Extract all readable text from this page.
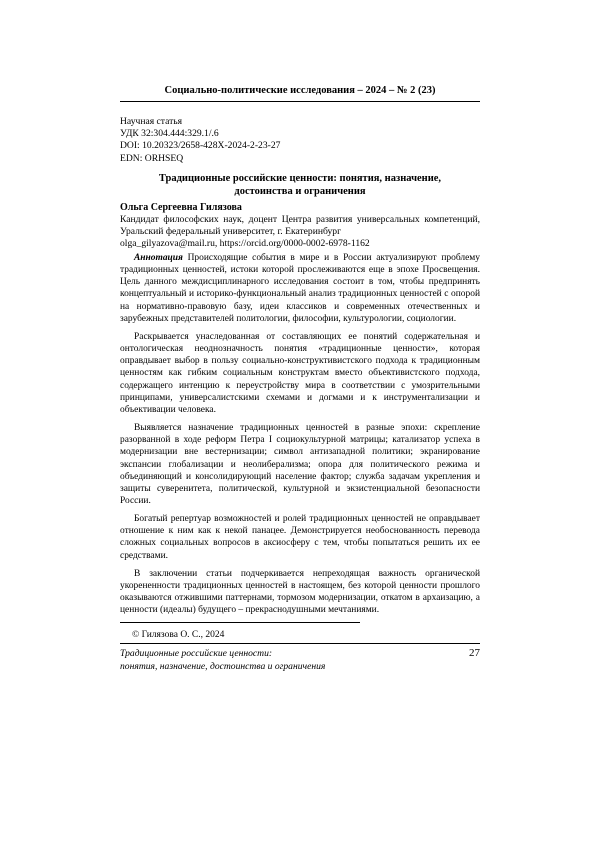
Социально-политические исследования – 2024 – № 2 (23)
Научная статья
УДК 32:304.444:329.1/.6
DOI: 10.20323/2658-428X-2024-2-23-27
EDN: ORHSEQ
Традиционные российские ценности: понятия, назначение,
достоинства и ограничения
Ольга Сергеевна Гилязова
Кандидат философских наук, доцент Центра развития универсальных компетенций, Уральский федеральный университет, г. Екатеринбург
olga_gilyazova@mail.ru, https://orcid.org/0000-0002-6978-1162

Аннотация Происходящие события в мире и в России актуализируют проблему традиционных ценностей, истоки которой прослеживаются еще в эпохе Просвещения. Цель данного междисциплинарного исследования состоит в том, чтобы предпринять концептуальный и историко-функциональный анализ традиционных ценностей с опорой на нормативно-правовую базу, идеи классиков и современных отечественных и зарубежных представителей политологии, философии, культурологии, социологии.

Раскрывается унаследованная от составляющих ее понятий содержательная и онтологическая неоднозначность понятия «традиционные ценности», которая оправдывает выбор в пользу социально-конструктивистского подхода к традиционным ценностям как гибким социальным конструктам вместо объективистского подхода, содержащего интенцию к переустройству мира в соответствии с умозрительными принципами, универсалистскими схемами и догмами и к инструментализации и объективации человека.

Выявляется назначение традиционных ценностей в разные эпохи: скрепление разорванной в ходе реформ Петра I социокультурной матрицы; катализатор успеха в модернизации вне вестернизации; символ антизападной политики; экранирование экспансии глобализации и неолиберализма; опора для политического режима и объединяющий и консолидирующий население фактор; служба задачам укрепления и защиты суверенитета, политической, культурной и экзистенциальной безопасности России.

Богатый репертуар возможностей и ролей традиционных ценностей не оправдывает отношение к ним как к некой панацее. Демонстрируется необоснованность перевода сложных социальных вопросов в аксиосферу с тем, чтобы попытаться решить их ее средствами.

В заключении статьи подчеркивается непреходящая важность органической укорененности традиционных ценностей в настоящем, без которой ценности прошлого оказываются отжившими паттернами, тормозом модернизации, откатом в архаизацию, а ценности (идеалы) будущего – прекраснодушными мечтаниями.

© Гилязова О. С., 2024
Традиционные российские ценности:
понятия, назначение, достоинства и ограничения
27
